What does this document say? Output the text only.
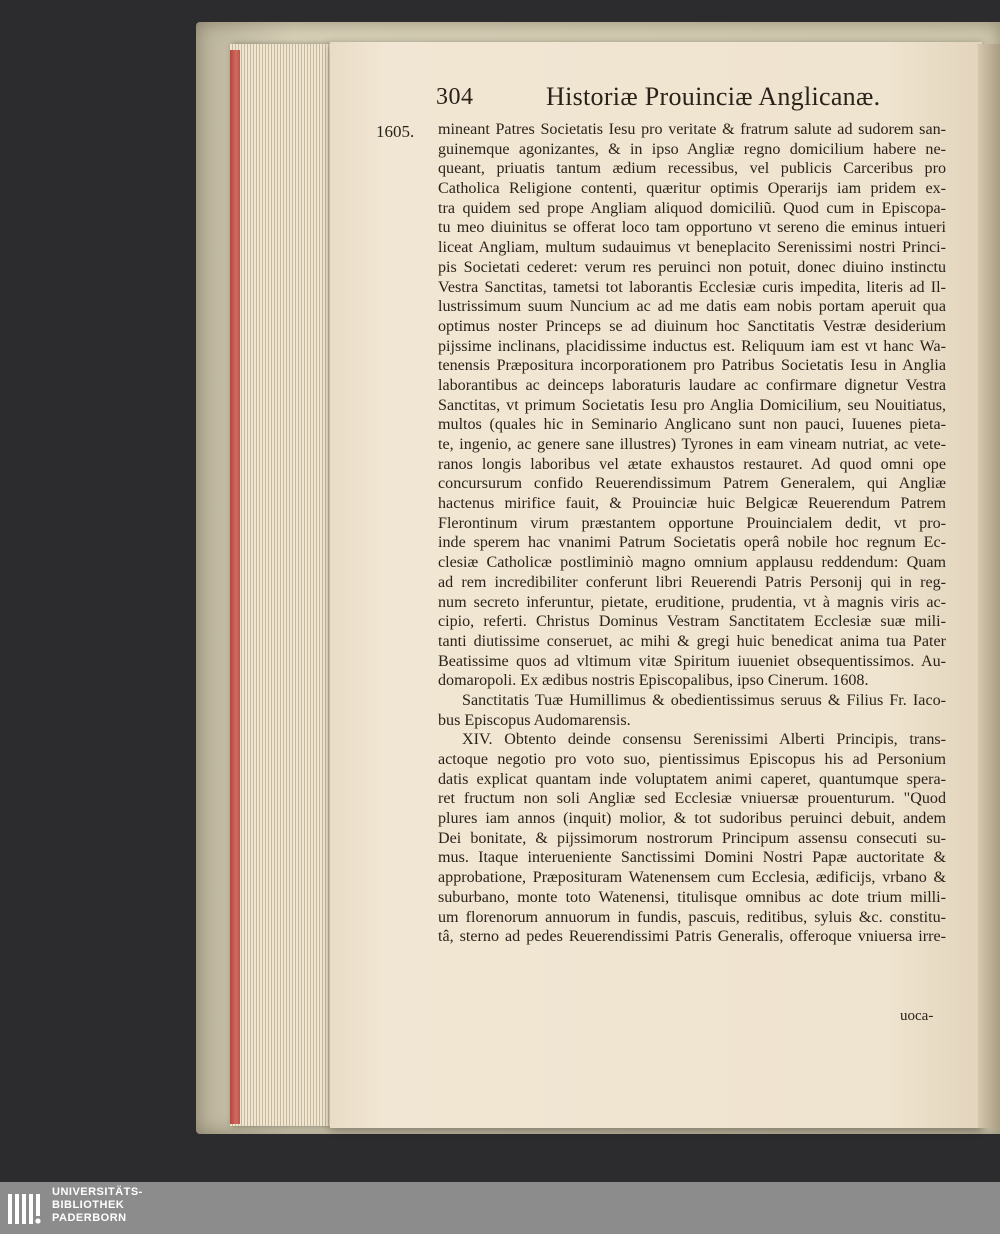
304	Historiæ Prouinciæ Anglicanæ.
1605. mineant Patres Societatis Iesu pro veritate & fratrum salute ad sudorem san-
guinemque agonizantes, & in ipso Angliæ regno domicilium habere ne-
queant, priuatis tantum ædium recessibus, vel publicis Carceribus pro
Catholica Religione contenti, quæritur optimis Operarijs iam pridem ex-
tra quidem sed prope Angliam aliquod domiciliũ. Quod cum in Episcopa-
tu meo diuinitus se offerat loco tam opportuno vt sereno die eminus intueri
liceat Angliam, multum sudauimus vt beneplacito Serenissimi nostri Princi-
pis Societati cederet: verum res peruinci non potuit, donec diuino instinctu
Vestra Sanctitas, tametsi tot laborantis Ecclesiæ curis impedita, literis ad Il-
lustrissimum suum Nuncium ac ad me datis eam nobis portam aperuit qua
optimus noster Princeps se ad diuinum hoc Sanctitatis Vestræ desiderium
pijssime inclinans, placidissime inductus est. Reliquum iam est vt hanc Wa-
tenensis Præpositura incorporationem pro Patribus Societatis Iesu in Anglia
laborantibus ac deinceps laboraturis laudare ac confirmare dignetur Vestra
Sanctitas, vt primum Societatis Iesu pro Anglia Domicilium, seu Nouitiatus,
multos (quales hic in Seminario Anglicano sunt non pauci, Iuuenes pieta-
te, ingenio, ac genere sane illustres) Tyrones in eam vineam nutriat, ac vete-
ranos longis laboribus vel ætate exhaustos restauret. Ad quod omni ope
concursurum confido Reuerendissimum Patrem Generalem, qui Angliæ
hactenus mirifice fauit, & Prouinciæ huic Belgicæ Reuerendum Patrem
Flerontinum virum præstantem opportune Prouincialem dedit, vt pro-
inde sperem hac vnanimi Patrum Societatis operâ nobile hoc regnum Ec-
clesiæ Catholicæ postliminiò magno omnium applausu reddendum: Quam
ad rem incredibiliter conferunt libri Reuerendi Patris Personij qui in reg-
num secreto inferuntur, pietate, eruditione, prudentia, vt à magnis viris ac-
cipio, referti. Christus Dominus Vestram Sanctitatem Ecclesiæ suæ mili-
tanti diutissime conseruet, ac mihi & gregi huic benedicat anima tua Pater
Beatissime quos ad vltimum vitæ Spiritum iuueniet obsequentissimos. Au-
domaropoli. Ex ædibus nostris Episcopalibus, ipso Cinerum. 1608.
Sanctitatis Tuæ Humillimus & obedientissimus seruus & Filius Fr. Iaco-
bus Episcopus Audomarensis.
XIV. Obtento deinde consensu Serenissimi Alberti Principis, trans-
actoque negotio pro voto suo, pientissimus Episcopus his ad Personium
datis explicat quantam inde voluptatem animi caperet, quantumque spera-
ret fructum non soli Angliæ sed Ecclesiæ vniuersæ prouenturum. "Quod
plures iam annos (inquit) molior, & tot sudoribus peruinci debuit, andem
Dei bonitate, & pijssimorum nostrorum Principum assensu consecuti su-
mus. Itaque interueniente Sanctissimi Domini Nostri Papæ auctoritate &
approbatione, Præposituram Watenensem cum Ecclesia, ædificijs, vrbano &
suburbano, monte toto Watenensi, titulisque omnibus ac dote trium milli-
um florenorum annuorum in fundis, pascuis, reditibus, syluis &c. constitu-
tâ, sterno ad pedes Reuerendissimi Patris Generalis, offeroque vniuersa irre-
uoca-
UNIVERSITÄTS-
BIBLIOTHEK
PADERBORN
